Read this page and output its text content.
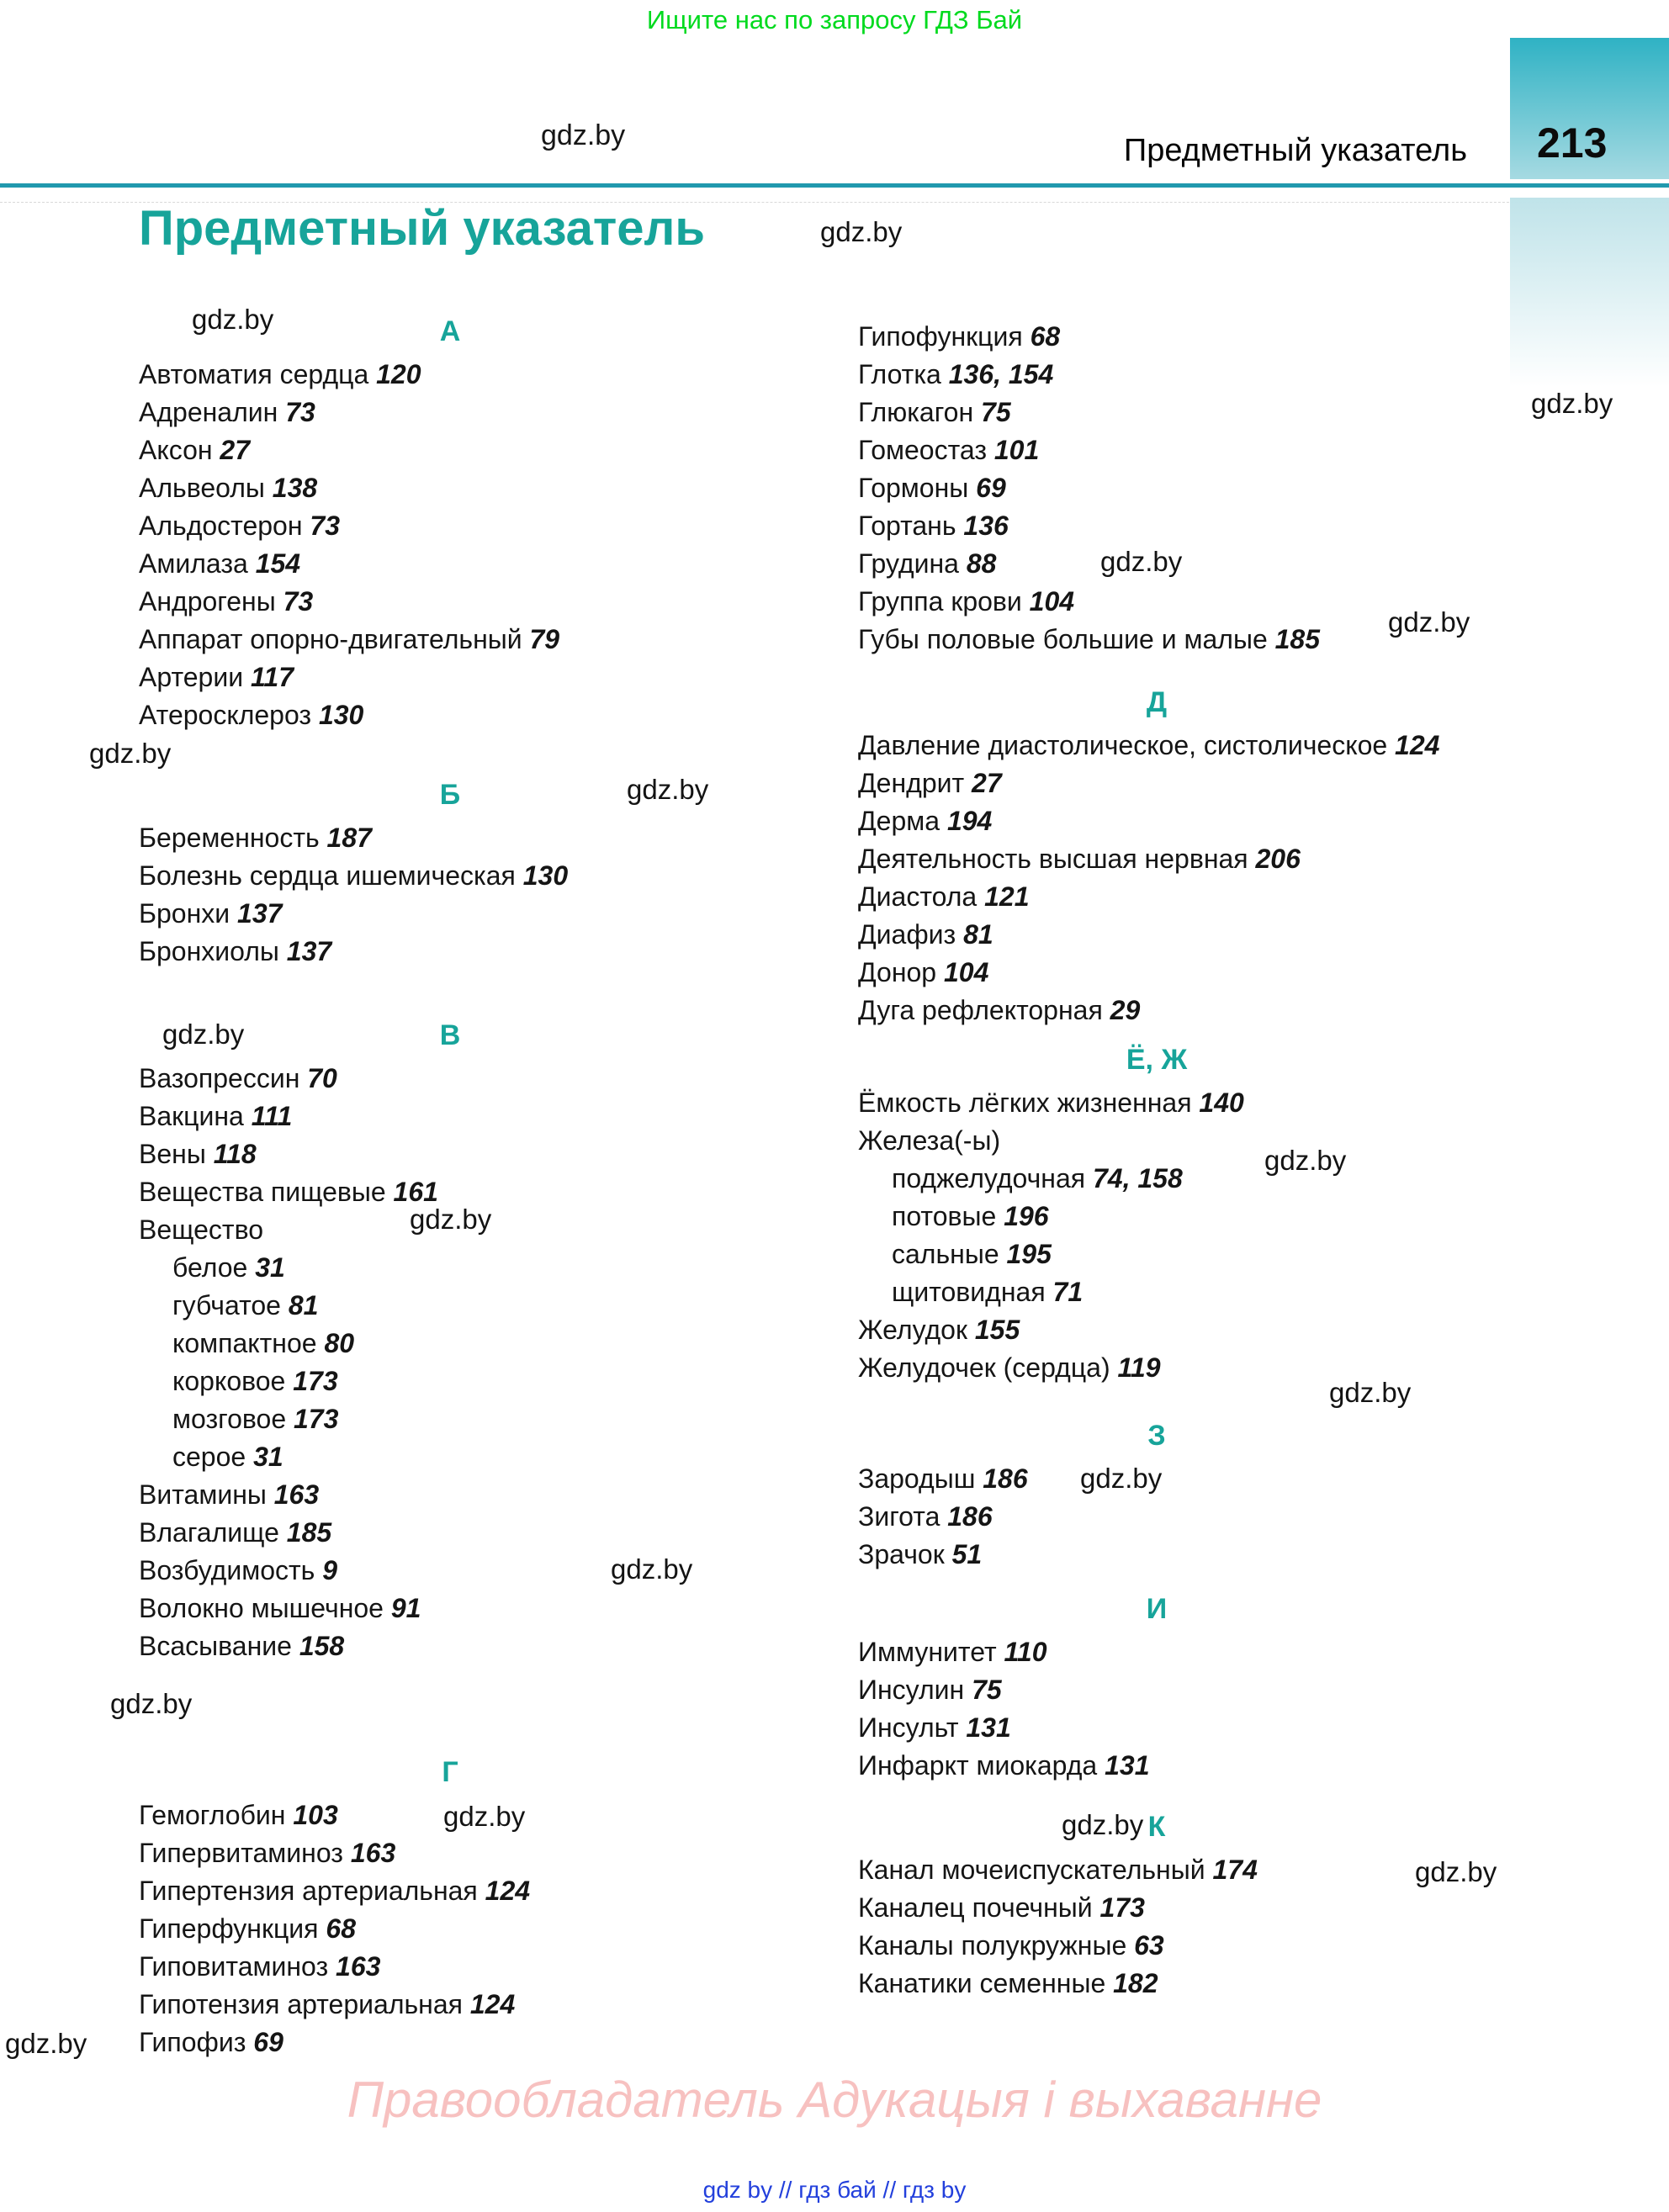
Ищите нас по запросу ГДЗ Бай
gdz.by	Предметный указатель 213
Предметный указатель
А
Автоматия сердца 120
Адреналин 73
Аксон 27
Альвеолы 138
Альдостерон 73
Амилаза 154
Андрогены 73
Аппарат опорно-двигательный 79
Артерии 117
Атеросклероз 130
Б
Беременность 187
Болезнь сердца ишемическая 130
Бронхи 137
Бронхиолы 137
В
Вазопрессин 70
Вакцина 111
Вены 118
Вещества пищевые 161
Вещество
белое 31
губчатое 81
компактное 80
корковое 173
мозговое 173
серое 31
Витамины 163
Влагалище 185
Возбудимость 9
Волокно мышечное 91
Всасывание 158
Г
Гемоглобин 103
Гипервитаминоз 163
Гипертензия артериальная 124
Гиперфункция 68
Гиповитаминоз 163
Гипотензия артериальная 124
Гипофиз 69
Гипофункция 68
Глотка 136, 154
Глюкагон 75
Гомеостаз 101
Гормоны 69
Гортань 136
Грудина 88
Группа крови 104
Губы половые большие и малые 185
Д
Давление диастолическое, систолическое 124
Дендрит 27
Дерма 194
Деятельность высшая нервная 206
Диастола 121
Диафиз 81
Донор 104
Дуга рефлекторная 29
Ё, Ж
Ёмкость лёгких жизненная 140
Железа(-ы)
поджелудочная 74, 158
потовые 196
сальные 195
щитовидная 71
Желудок 155
Желудочек (сердца) 119
З
Зародыш 186
Зигота 186
Зрачок 51
И
Иммунитет 110
Инсулин 75
Инсульт 131
Инфаркт миокарда 131
К
Канал мочеиспускательный 174
Каналец почечный 173
Каналы полукружные 63
Канатики семенные 182
gdz.by
gdz.by
gdz.by
gdz.by
gdz.by
gdz.by
gdz.by
gdz.by
gdz.by
gdz.by
gdz.by
gdz.by
gdz.by
gdz.by
gdz.by
gdz.by
gdz.by
gdz.by
Правообладатель Адукацыя і выхаванне
gdz by // гдз бай // гдз by
